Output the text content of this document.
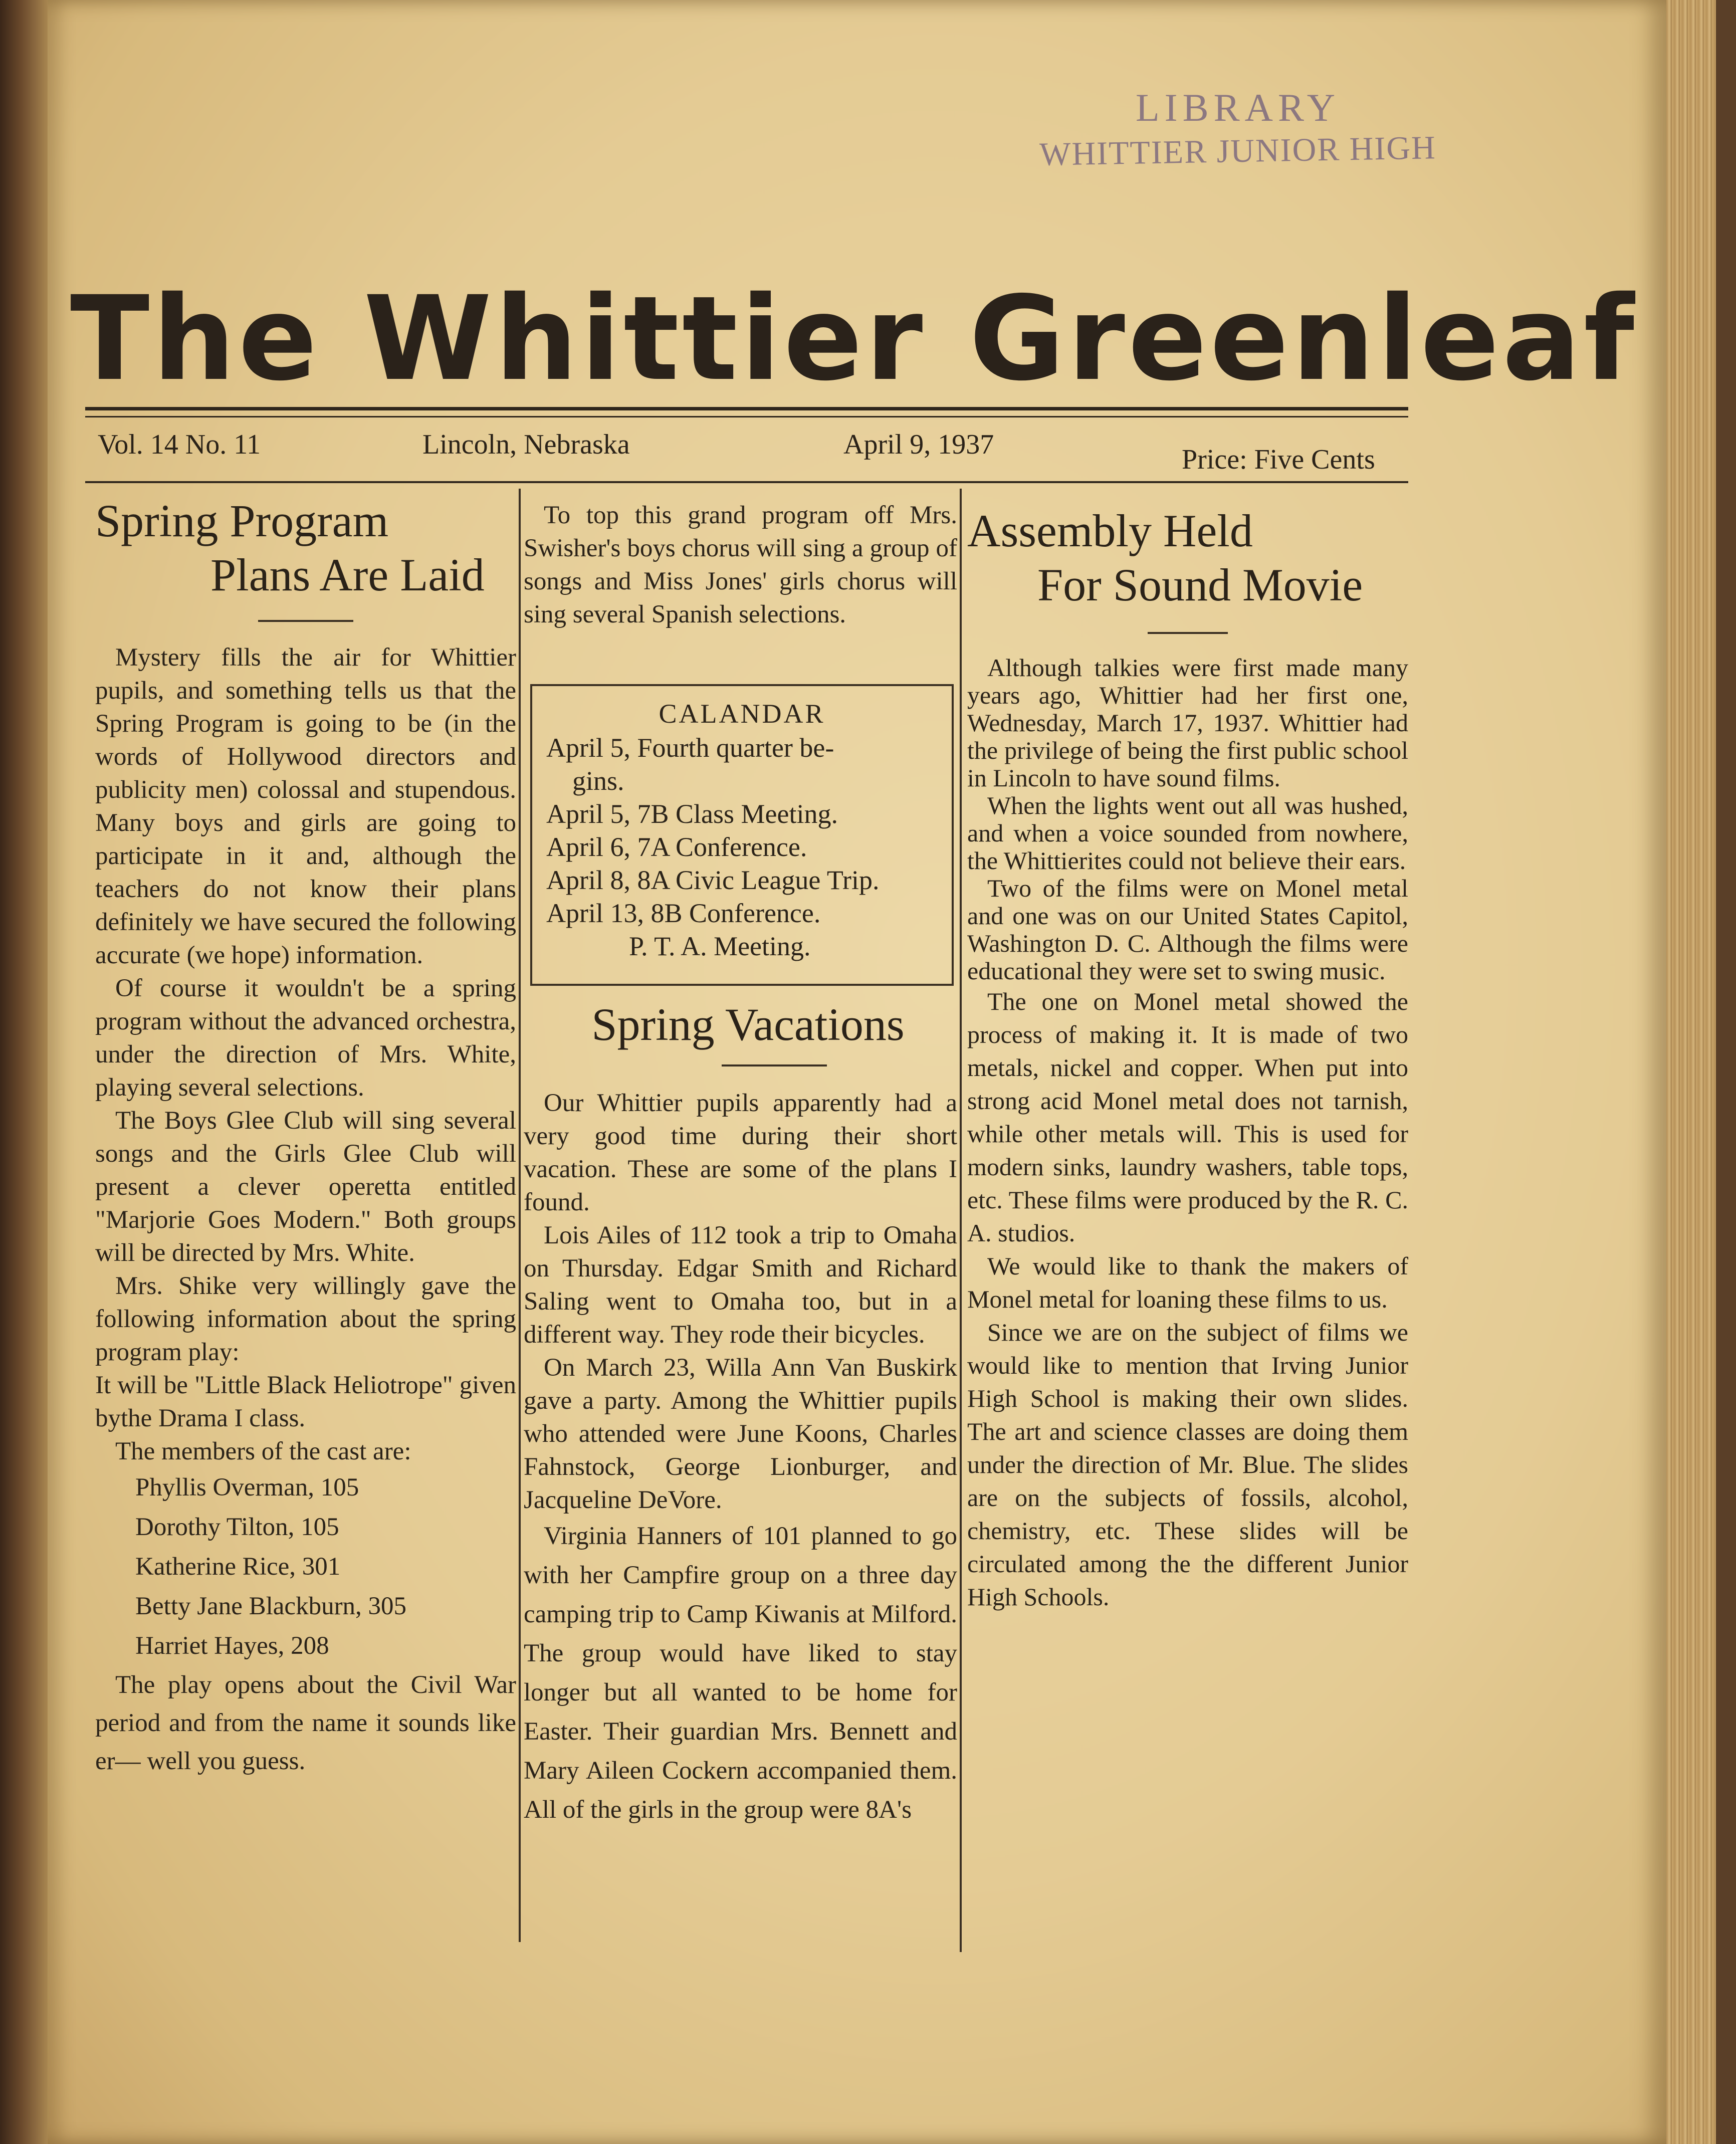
LIBRARY
WHITTIER JUNIOR HIGH
The Whittier Greenleaf
Vol. 14 No. 11	Lincoln, Nebraska	April 9, 1937	Price: Five Cents
Spring Program
Plans Are Laid

Mystery fills the air for Whittier pupils, and something tells us that the Spring Program is going to be (in the words of Hollywood directors and publicity men) colossal and stupendous. Many boys and girls are going to participate in it and, although the teachers do not know their plans definitely we have secured the following accurate (we hope) information.

Of course it wouldn't be a spring program without the advanced orchestra, under the direction of Mrs. White, playing several selections.

The Boys Glee Club will sing several songs and the Girls Glee Club will present a clever operetta entitled "Marjorie Goes Modern." Both groups will be directed by Mrs. White.

Mrs. Shike very willingly gave the following information about the spring program play:

It will be "Little Black Heliotrope" given bythe Drama I class.

The members of the cast are:

Phyllis Overman, 105
Dorothy Tilton, 105
Katherine Rice, 301
Betty Jane Blackburn, 305
Harriet Hayes, 208

The play opens about the Civil War period and from the name it sounds like er— well you guess.

To top this grand program off Mrs. Swisher's boys chorus will sing a group of songs and Miss Jones' girls chorus will sing several Spanish selections.

CALANDAR
April 5, Fourth quarter be-
gins.
April 5, 7B Class Meeting.
April 6, 7A Conference.
April 8, 8A Civic League Trip.
April 13, 8B Conference.
P. T. A. Meeting.
Spring Vacations

Our Whittier pupils apparently had a very good time during their short vacation. These are some of the plans I found.

Lois Ailes of 112 took a trip to Omaha on Thursday. Edgar Smith and Richard Saling went to Omaha too, but in a different way. They rode their bicycles.

On March 23, Willa Ann Van Buskirk gave a party. Among the Whittier pupils who attended were June Koons, Charles Fahnstock, George Lionburger, and Jacqueline DeVore.

Virginia Hanners of 101 planned to go with her Campfire group on a three day camping trip to Camp Kiwanis at Milford. The group would have liked to stay longer but all wanted to be home for Easter. Their guardian Mrs. Bennett and Mary Aileen Cockern accompanied them. All of the girls in the group were 8A's

Assembly Held
For Sound Movie

Although talkies were first made many years ago, Whittier had her first one, Wednesday, March 17, 1937. Whittier had the privilege of being the first public school in Lincoln to have sound films.

When the lights went out all was hushed, and when a voice sounded from nowhere, the Whittierites could not believe their ears.

Two of the films were on Monel metal and one was on our United States Capitol, Washington D. C. Although the films were educational they were set to swing music.

The one on Monel metal showed the process of making it. It is made of two metals, nickel and copper. When put into strong acid Monel metal does not tarnish, while other metals will. This is used for modern sinks, laundry washers, table tops, etc. These films were produced by the R. C. A. studios.

We would like to thank the makers of Monel metal for loaning these films to us.

Since we are on the subject of films we would like to mention that Irving Junior High School is making their own slides. The art and science classes are doing them under the direction of Mr. Blue. The slides are on the subjects of fossils, alcohol, chemistry, etc. These slides will be circulated among the the different Junior High Schools.
